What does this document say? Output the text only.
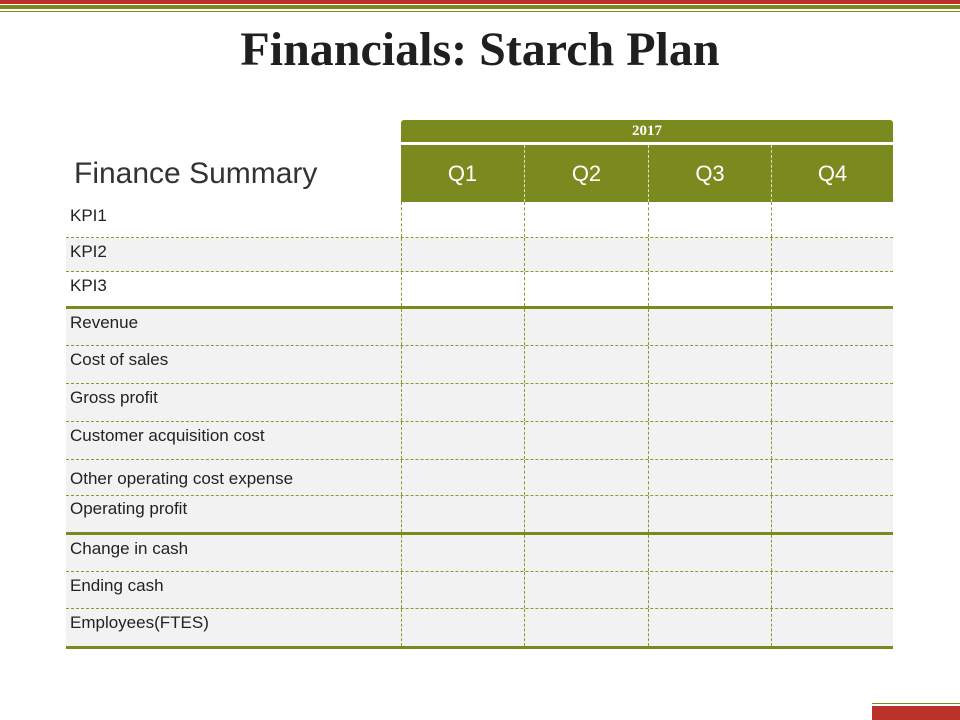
Financials: Starch Plan
2017
Finance Summary	Q1	Q2	Q3	Q4
KPI1
KPI2
KPI3
Revenue
Cost of sales
Gross profit
Customer acquisition cost
Other operating cost expense
Operating profit
Change in cash
Ending cash
Employees(FTES)
